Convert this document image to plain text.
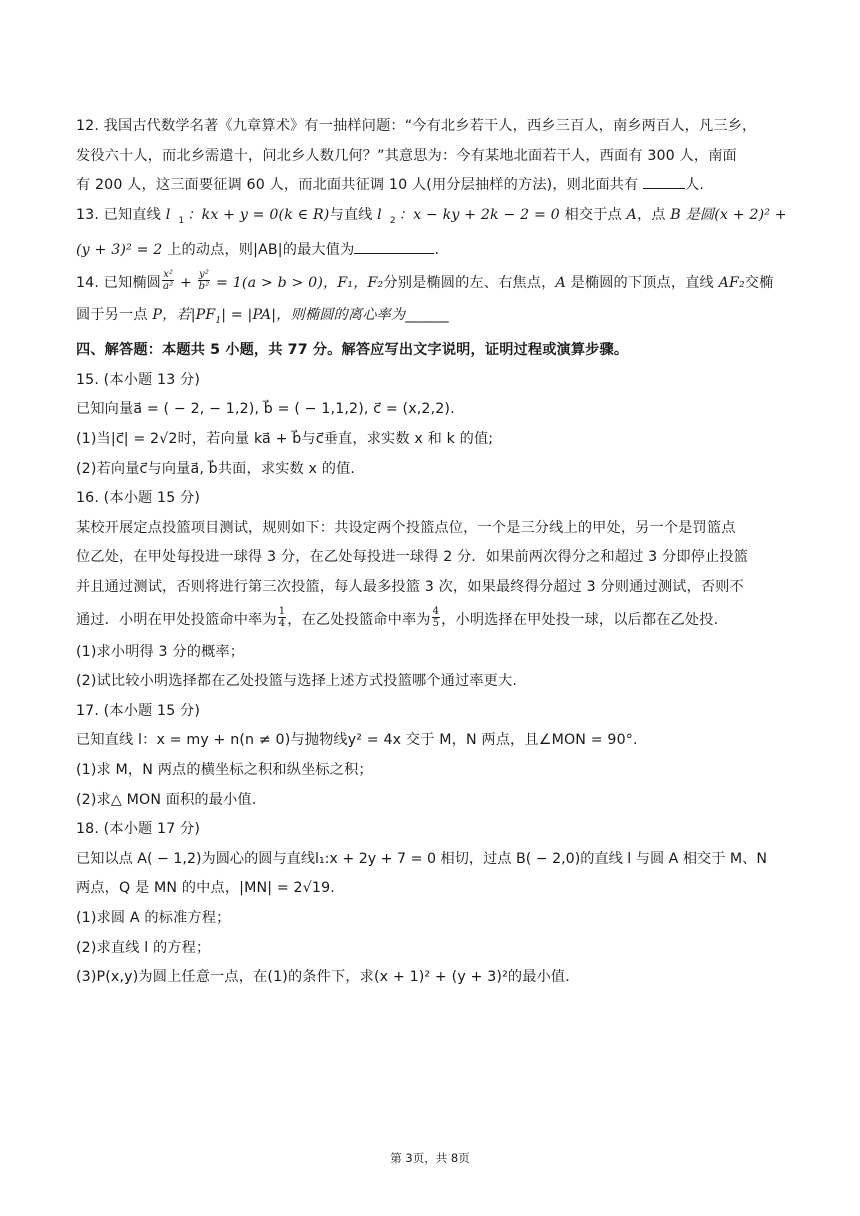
12. 我国古代数学名著《九章算术》有一抽样问题：“今有北乡若干人，西乡三百人，南乡两百人，凡三乡，

发役六十人，而北乡需遣十，问北乡人数几何？”其意思为：今有某地北面若干人，西面有 300 人，南面

有 200 人，这三面要征调 60 人，而北面共征调 10 人(用分层抽样的方法)，则北面共有	人.

13. 已知直线 l $_1$ ：kx + y = 0(k ∈ R)与直线 l $_2$ ：x − ky + 2k − 2 = 0 相交于点 A，点 B 是圆(x + 2)² +

(y + 3)² = 2 上的动点，则|AB|的最大值为	.

14. 已知椭圆 $\frac{\text{x²}}{\text{a²}} + \frac{\text{y²}}{\text{b²}} = 1(a > b > 0)$，F₁，F₂分别是椭圆的左、右焦点，A 是椭圆的下顶点，直线 AF₂交椭

圆于另一点 P，若$|PF_1| = |PA|$，则椭圆的离心率为______

四、解答题：本题共 5 小题，共 77 分。解答应写出文字说明，证明过程或演算步骤。

15. (本小题 13 分)

已知向量a⃗ = ( − 2, − 1,2), b⃗ = ( − 1,1,2), c⃗ = (x,2,2).

(1)当|c⃗| = 2√2时，若向量 ka⃗ + b⃗与c⃗垂直，求实数 x 和 k 的值;

(2)若向量c⃗与向量a⃗, b⃗共面，求实数 x 的值.

16. (本小题 15 分)

某校开展定点投篮项目测试，规则如下：共设定两个投篮点位，一个是三分线上的甲处，另一个是罚篮点

位乙处，在甲处每投进一球得 3 分，在乙处每投进一球得 2 分．如果前两次得分之和超过 3 分即停止投篮

并且通过测试，否则将进行第三次投篮，每人最多投篮 3 次，如果最终得分超过 3 分则通过测试，否则不

通过．小明在甲处投篮命中率为 $\frac{1}{4}$ ，在乙处投篮命中率为 $\frac{4}{5}$ ，小明选择在甲处投一球，以后都在乙处投.

(1)求小明得 3 分的概率；

(2)试比较小明选择都在乙处投篮与选择上述方式投篮哪个通过率更大.

17. (本小题 15 分)

已知直线 l：x = my + n(n ≠ 0)与抛物线y² = 4x 交于 M，N 两点，且∠MON = 90°.

(1)求 M，N 两点的横坐标之积和纵坐标之积；

(2)求△ MON 面积的最小值.

18. (本小题 17 分)

已知以点 A( − 1,2)为圆心的圆与直线l₁:x + 2y + 7 = 0 相切，过点 B( − 2,0)的直线 l 与圆 A 相交于 M、N

两点，Q 是 MN 的中点，|MN| = 2√19.

(1)求圆 A 的标准方程；

(2)求直线 l 的方程；

(3)P(x,y)为圆上任意一点，在(1)的条件下，求(x + 1)² + (y + 3)²的最小值.

第 3页，共 8页
